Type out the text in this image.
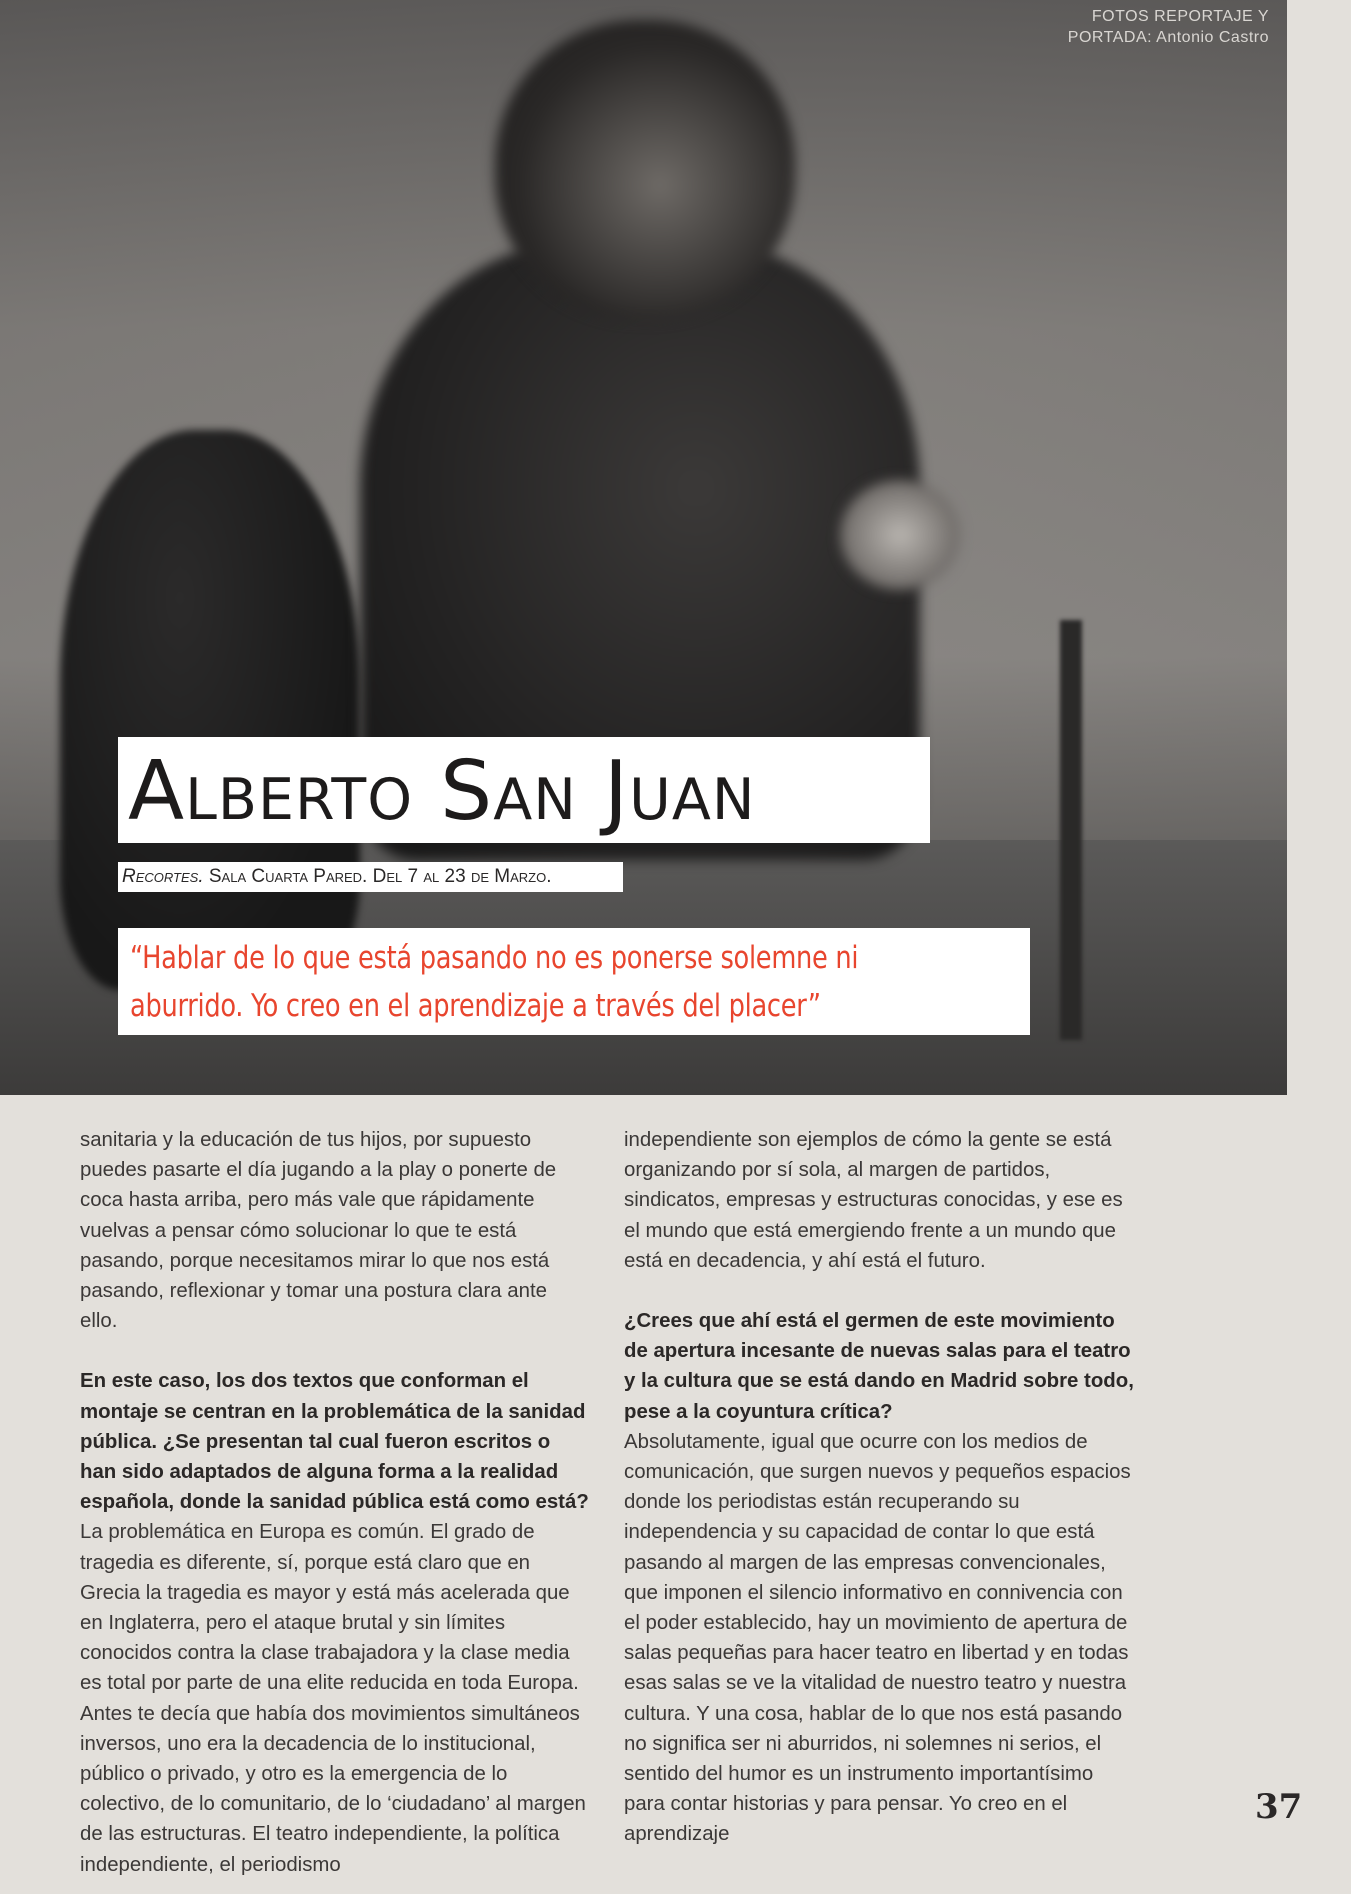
FOTOS REPORTAJE Y
PORTADA: Antonio Castro
Alberto San Juan
Recortes. Sala Cuarta Pared. Del 7 al 23 de Marzo.

“Hablar de lo que está pasando no es ponerse solemne ni aburrido. Yo creo en el aprendizaje a través del placer”

sanitaria y la educación de tus hijos, por supuesto puedes pasarte el día jugando a la play o ponerte de coca hasta arriba, pero más vale que rápidamente vuelvas a pensar cómo solucionar lo que te está pasando, porque necesitamos mirar lo que nos está pasando, reflexionar y tomar una postura clara ante ello.

En este caso, los dos textos que conforman el montaje se centran en la problemática de la sanidad pública. ¿Se presentan tal cual fueron escritos o han sido adaptados de alguna forma a la realidad española, donde la sanidad pública está como está?

La problemática en Europa es común. El grado de tragedia es diferente, sí, porque está claro que en Grecia la tragedia es mayor y está más acelerada que en Inglaterra, pero el ataque brutal y sin límites conocidos contra la clase trabajadora y la clase media es total por parte de una elite reducida en toda Europa. Antes te decía que había dos movimientos simultáneos inversos, uno era la decadencia de lo institucional, público o privado, y otro es la emergencia de lo colectivo, de lo comunitario, de lo ‘ciudadano’ al margen de las estructuras. El teatro independiente, la política independiente, el periodismo

independiente son ejemplos de cómo la gente se está organizando por sí sola, al margen de partidos, sindicatos, empresas y estructuras conocidas, y ese es el mundo que está emergiendo frente a un mundo que está en decadencia, y ahí está el futuro.

¿Crees que ahí está el germen de este movimiento de apertura incesante de nuevas salas para el teatro y la cultura que se está dando en Madrid sobre todo, pese a la coyuntura crítica?

Absolutamente, igual que ocurre con los medios de comunicación, que surgen nuevos y pequeños espacios donde los periodistas están recuperando su independencia y su capacidad de contar lo que está pasando al margen de las empresas convencionales, que imponen el silencio informativo en connivencia con el poder establecido, hay un movimiento de apertura de salas pequeñas para hacer teatro en libertad y en todas esas salas se ve la vitalidad de nuestro teatro y nuestra cultura. Y una cosa, hablar de lo que nos está pasando no significa ser ni aburridos, ni solemnes ni serios, el sentido del humor es un instrumento importantísimo para contar historias y para pensar. Yo creo en el aprendizaje

37
